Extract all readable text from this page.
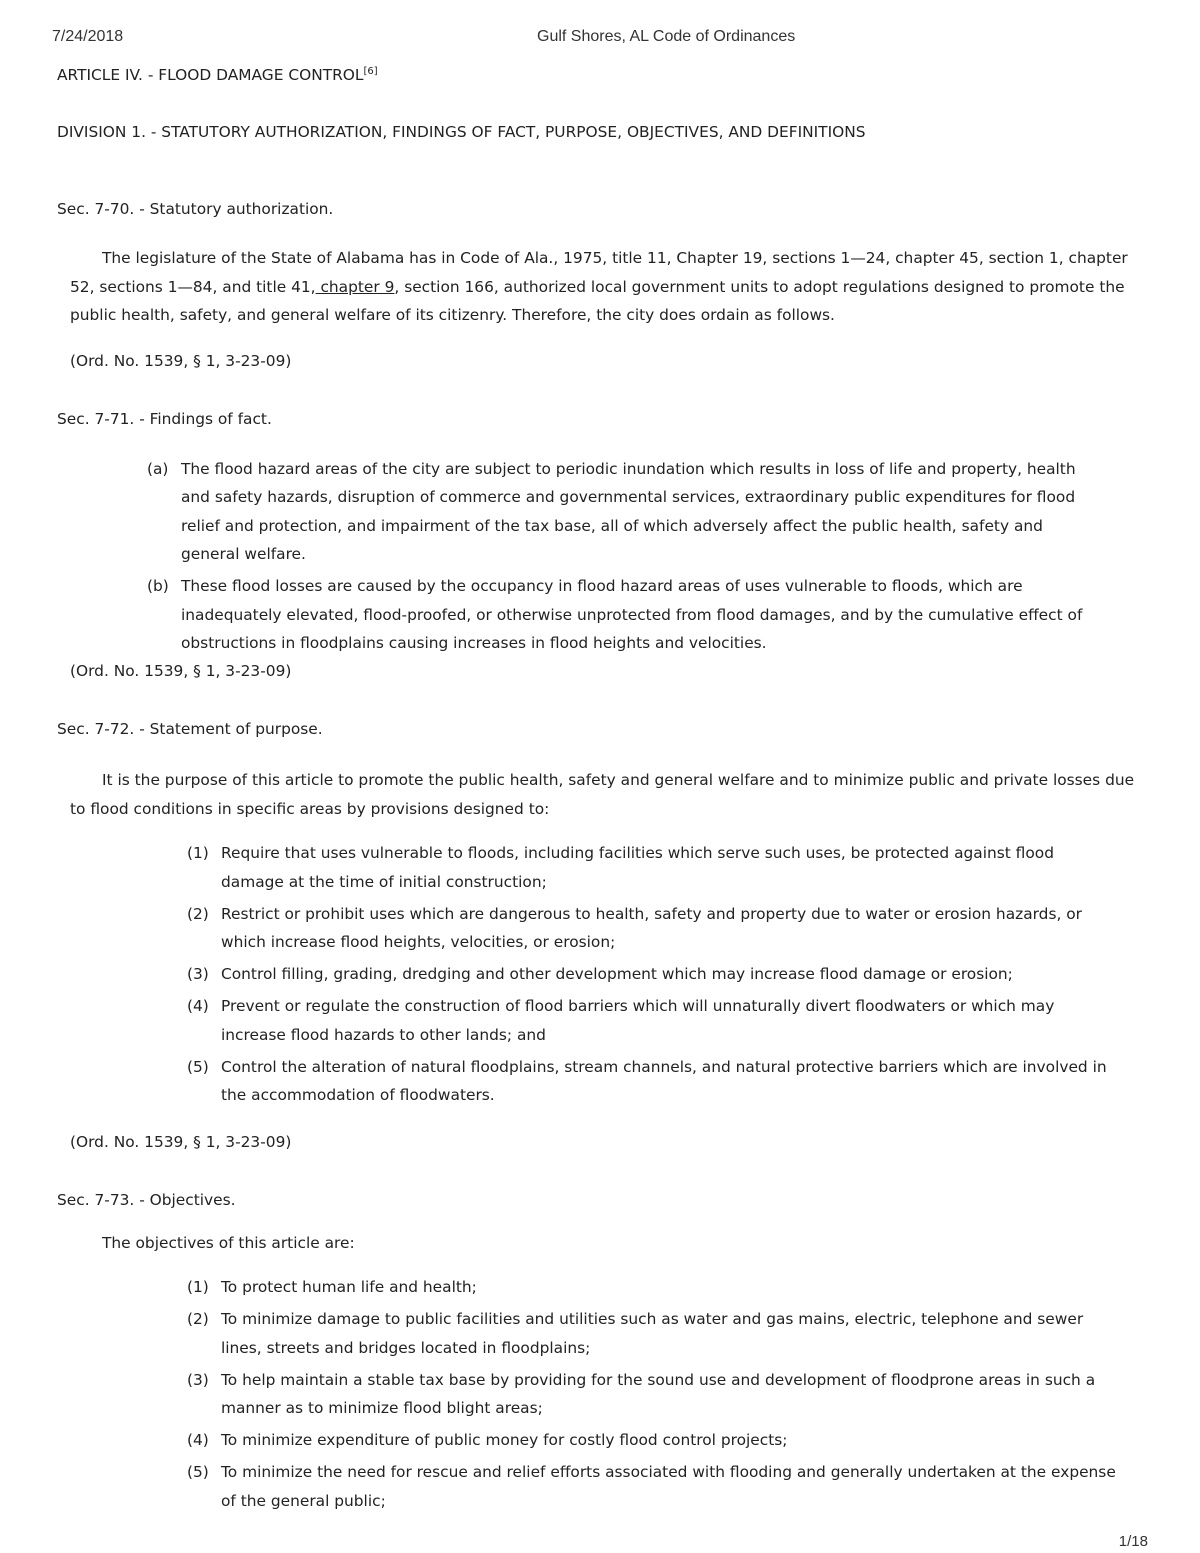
7/24/2018	Gulf Shores, AL Code of Ordinances

ARTICLE IV. - FLOOD DAMAGE CONTROL[6]

DIVISION 1. - STATUTORY AUTHORIZATION, FINDINGS OF FACT, PURPOSE, OBJECTIVES, AND DEFINITIONS

Sec. 7-70. - Statutory authorization.

The legislature of the State of Alabama has in Code of Ala., 1975, title 11, Chapter 19, sections 1—24, chapter 45, section 1, chapter 52, sections 1—84, and title 41, chapter 9, section 166, authorized local government units to adopt regulations designed to promote the public health, safety, and general welfare of its citizenry. Therefore, the city does ordain as follows.

(Ord. No. 1539, § 1, 3-23-09)

Sec. 7-71. - Findings of fact.

(a) The flood hazard areas of the city are subject to periodic inundation which results in loss of life and property, health and safety hazards, disruption of commerce and governmental services, extraordinary public expenditures for flood relief and protection, and impairment of the tax base, all of which adversely affect the public health, safety and general welfare.
(b) These flood losses are caused by the occupancy in flood hazard areas of uses vulnerable to floods, which are inadequately elevated, flood-proofed, or otherwise unprotected from flood damages, and by the cumulative effect of obstructions in floodplains causing increases in flood heights and velocities.

(Ord. No. 1539, § 1, 3-23-09)

Sec. 7-72. - Statement of purpose.

It is the purpose of this article to promote the public health, safety and general welfare and to minimize public and private losses due to flood conditions in specific areas by provisions designed to:

(1) Require that uses vulnerable to floods, including facilities which serve such uses, be protected against flood damage at the time of initial construction;
(2) Restrict or prohibit uses which are dangerous to health, safety and property due to water or erosion hazards, or which increase flood heights, velocities, or erosion;
(3) Control filling, grading, dredging and other development which may increase flood damage or erosion;
(4) Prevent or regulate the construction of flood barriers which will unnaturally divert floodwaters or which may increase flood hazards to other lands; and
(5) Control the alteration of natural floodplains, stream channels, and natural protective barriers which are involved in the accommodation of floodwaters.

(Ord. No. 1539, § 1, 3-23-09)

Sec. 7-73. - Objectives.

The objectives of this article are:

(1) To protect human life and health;
(2) To minimize damage to public facilities and utilities such as water and gas mains, electric, telephone and sewer lines, streets and bridges located in floodplains;
(3) To help maintain a stable tax base by providing for the sound use and development of floodprone areas in such a manner as to minimize flood blight areas;
(4) To minimize expenditure of public money for costly flood control projects;
(5) To minimize the need for rescue and relief efforts associated with flooding and generally undertaken at the expense of the general public;
1/18
